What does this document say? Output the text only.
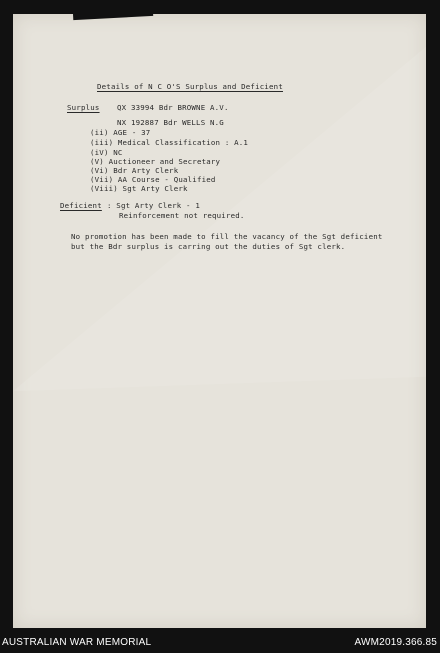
Details of N C O'S Surplus and Deficient
Surplus QX 33994 Bdr BROWNE A.V.
NX 192887 Bdr WELLS N.G
(ii) AGE - 37
(iii) Medical Classification : A.1
(iV) NC
(V) Auctioneer and Secretary
(Vi) Bdr Arty Clerk
(Vii) AA Course - Qualified
(Viii) Sgt Arty Clerk
Deficient : Sgt Arty Clerk - 1
Reinforcement not required.
No promotion has been made to fill the vacancy of the Sgt deficient
but the Bdr surplus is carring out the duties of Sgt clerk.
AUSTRALIAN WAR MEMORIAL	AWM2019.366.85
